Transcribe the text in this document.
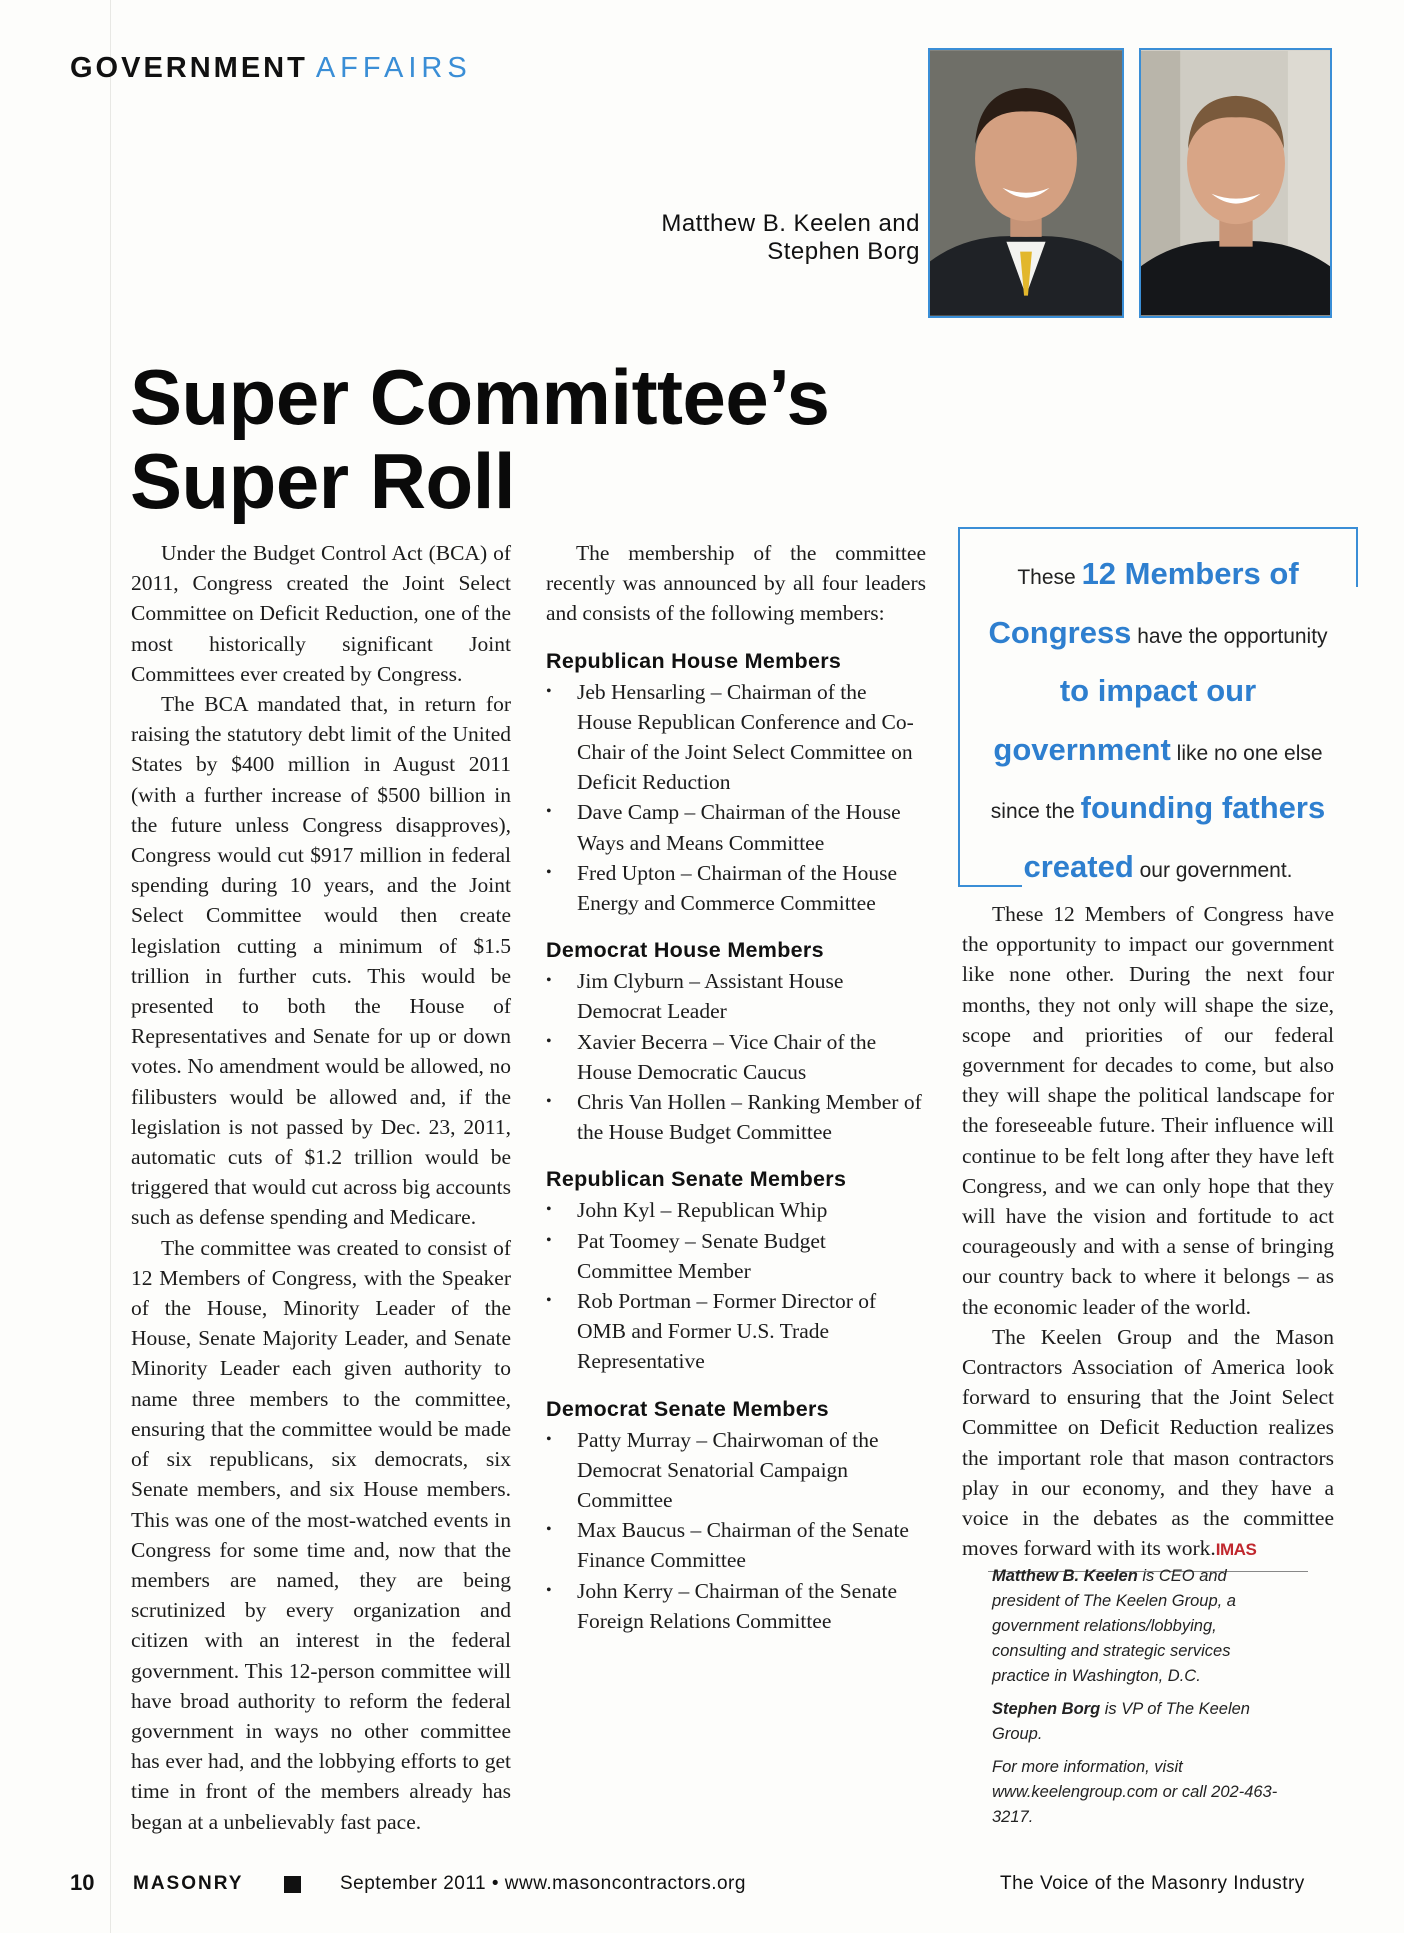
GOVERNMENT AFFAIRS
Matthew B. Keelen and
Stephen Borg
Super Committee’s
Super Roll

Under the Budget Control Act (BCA) of 2011, Congress created the Joint Select Committee on Deficit Reduction, one of the most historically significant Joint Committees ever created by Congress.

The BCA mandated that, in return for raising the statutory debt limit of the United States by $400 million in August 2011 (with a further increase of $500 billion in the future unless Congress disapproves), Congress would cut $917 million in federal spending during 10 years, and the Joint Select Committee would then create legislation cutting a minimum of $1.5 trillion in further cuts. This would be presented to both the House of Representatives and Senate for up or down votes. No amendment would be allowed, no filibusters would be allowed and, if the legislation is not passed by Dec. 23, 2011, automatic cuts of $1.2 trillion would be triggered that would cut across big accounts such as defense spending and Medicare.

The committee was created to consist of 12 Members of Congress, with the Speaker of the House, Minority Leader of the House, Senate Majority Leader, and Senate Minority Leader each given authority to name three members to the committee, ensuring that the committee would be made of six republicans, six democrats, six Senate members, and six House members. This was one of the most-watched events in Congress for some time and, now that the members are named, they are being scrutinized by every organization and citizen with an interest in the federal government. This 12-person committee will have broad authority to reform the federal government in ways no other committee has ever had, and the lobbying efforts to get time in front of the members already has began at a unbelievably fast pace.

The membership of the committee recently was announced by all four leaders and consists of the following members:

Republican House Members
• Jeb Hensarling – Chairman of the House Republican Conference and Co-Chair of the Joint Select Committee on Deficit Reduction
• Dave Camp – Chairman of the House Ways and Means Committee
• Fred Upton – Chairman of the House Energy and Commerce Committee
Democrat House Members
• Jim Clyburn – Assistant House Democrat Leader
• Xavier Becerra – Vice Chair of the House Democratic Caucus
• Chris Van Hollen – Ranking Member of the House Budget Committee
Republican Senate Members
• John Kyl – Republican Whip
• Pat Toomey – Senate Budget Committee Member
• Rob Portman – Former Director of OMB and Former U.S. Trade Representative
Democrat Senate Members
• Patty Murray – Chairwoman of the Democrat Senatorial Campaign Committee
• Max Baucus – Chairman of the Senate Finance Committee
• John Kerry – Chairman of the Senate Foreign Relations Committee
These 12 Members of Congress have the opportunity to impact our government like no one else since the founding fathers created our government.

These 12 Members of Congress have the opportunity to impact our government like none other. During the next four months, they not only will shape the size, scope and priorities of our federal government for decades to come, but also they will shape the political landscape for the foreseeable future. Their influence will continue to be felt long after they have left Congress, and we can only hope that they will have the vision and fortitude to act courageously and with a sense of bringing our country back to where it belongs – as the economic leader of the world.

The Keelen Group and the Mason Contractors Association of America look forward to ensuring that the Joint Select Committee on Deficit Reduction realizes the important role that mason contractors play in our economy, and they have a voice in the debates as the committee moves forward with its work.IMAS

Matthew B. Keelen is CEO and president of The Keelen Group, a government relations/lobbying, consulting and strategic services practice in Washington, D.C.

Stephen Borg is VP of The Keelen Group.

For more information, visit www.keelengroup.com or call 202-463-3217.

10 MASONRY	September 2011 • www.masoncontractors.org	The Voice of the Masonry Industry
